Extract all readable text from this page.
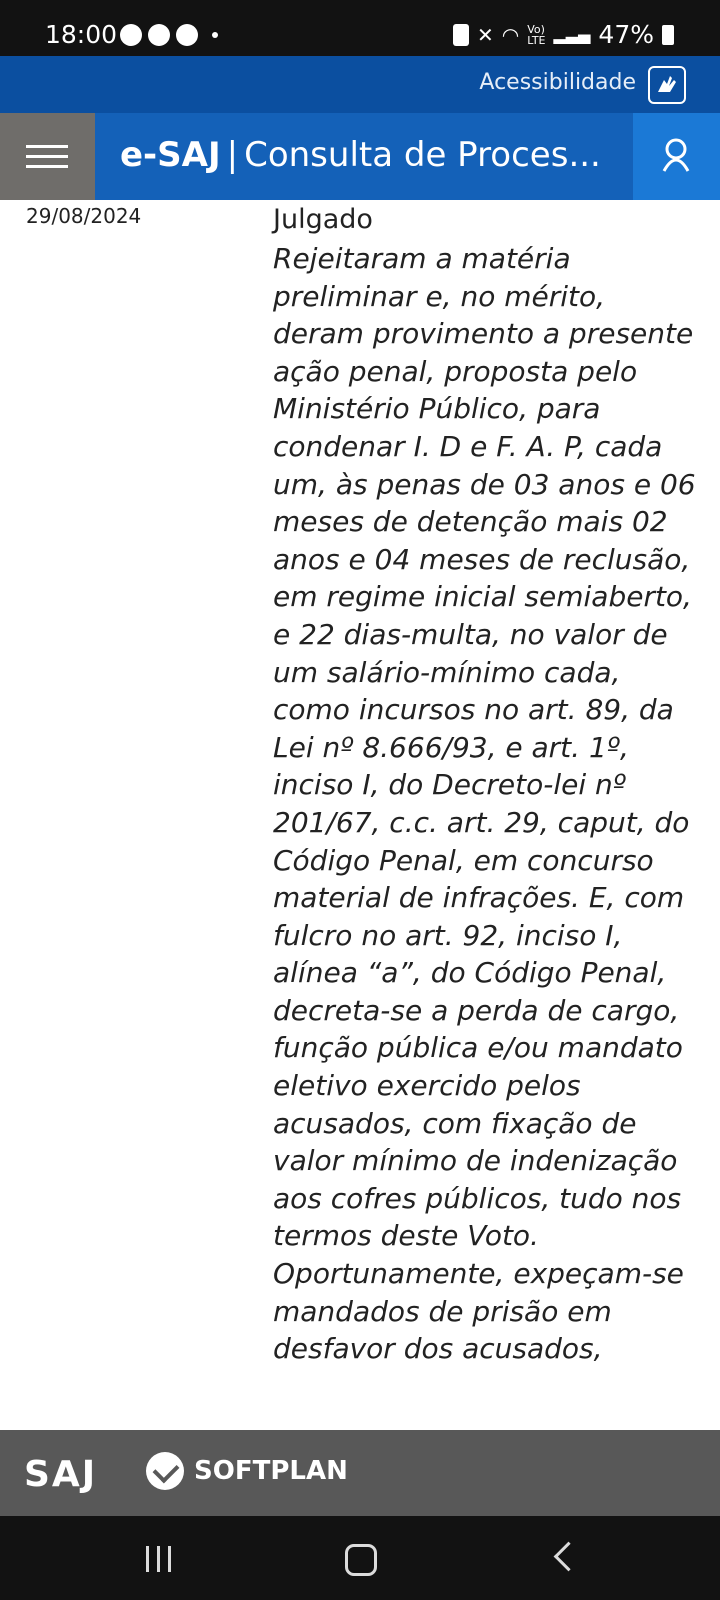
18:00	✕ ◠ Vo)
LTE ▂▃▄ 47%
Acessibilidade
e-SAJ | Consulta de Proces...
29/08/2024	Julgado
Rejeitaram a matéria preliminar e, no mérito, deram provimento a presente ação penal, proposta pelo Ministério Público, para condenar I. D e F. A. P, cada um, às penas de 03 anos e 06 meses de detenção mais 02 anos e 04 meses de reclusão, em regime inicial semiaberto, e 22 dias-multa, no valor de um salário-mínimo cada, como incursos no art. 89, da Lei nº 8.666/93, e art. 1º, inciso I, do Decreto-lei nº 201/67, c.c. art. 29, caput, do Código Penal, em concurso material de infrações. E, com fulcro no art. 92, inciso I, alínea “a”, do Código Penal, decreta-se a perda de cargo, função pública e/ou mandato eletivo exercido pelos acusados, com fixação de valor mínimo de indenização aos cofres públicos, tudo nos termos deste Voto. Oportunamente, expeçam-se mandados de prisão em desfavor dos acusados,
SAJ	SOFTPLAN
